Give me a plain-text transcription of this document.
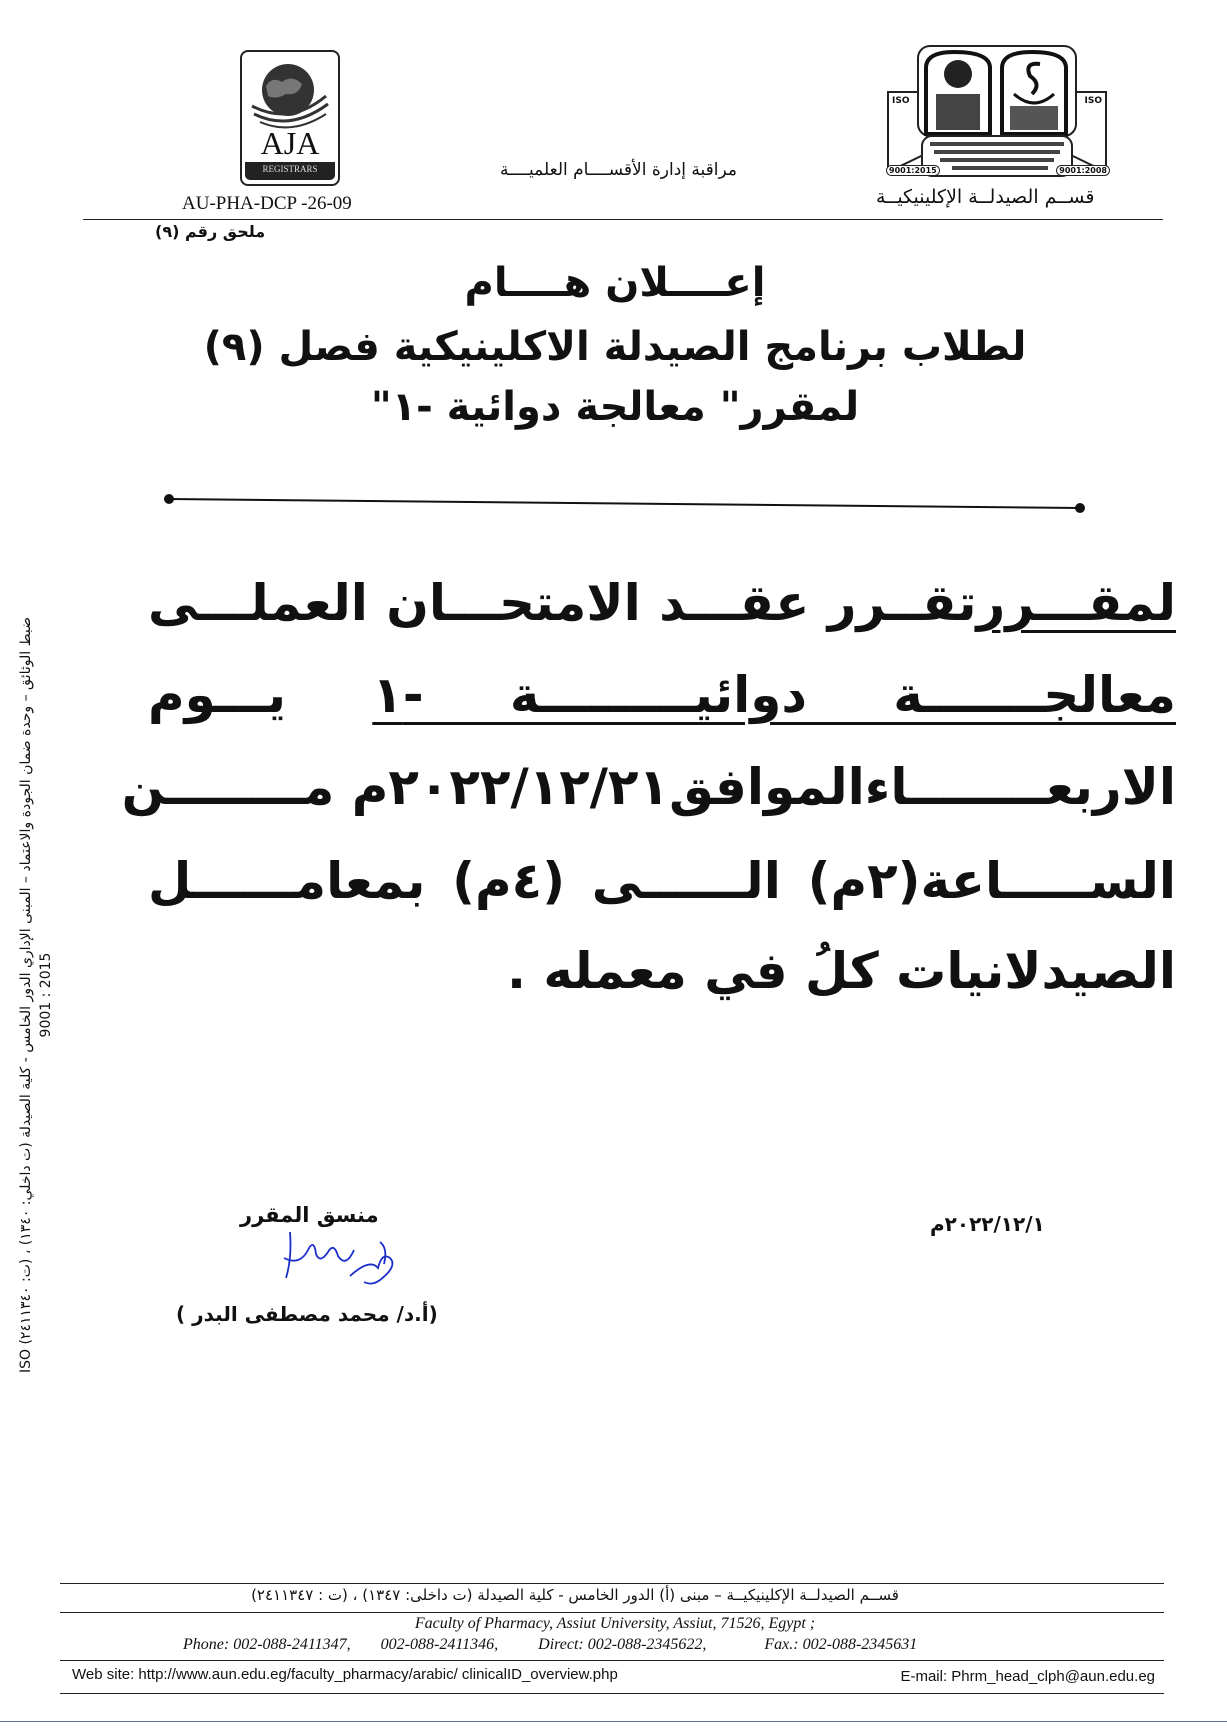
AJA
REGISTRARS
AU-PHA-DCP -26-09
مراقبة إدارة الأقســــام العلميــــة
ISO	ISO
9001:2015	9001:2008
قســم الصيدلــة الإكلينيكيــة
ملحق رقم (٩)
إعــــلان هــــام
لطلاب برنامج الصيدلة الاكلينيكية فصل (٩)
لمقرر" معالجة دوائية -١"
لمقـــررتقــرر عقـــد الامتحـــان العملـــى
معالجـــــــة دوائيـــــــــة -١ يـــوم
الاربعــــــــاءالموافق٢٠٢٢/١٢/٢١م مــــــــن
الســـــاعة(٢م) الــــــى (٤م) بمعامــــــل
الصيدلانيات كلُ في معمله .
ضبط الوثائق – وحدة ضمان الجودة والاعتماد – المبنى الإداري الدور الخامس - كلية الصيدلة (ت داخلي: ١٣٤٠) ، (ت: ٢٤١١٣٤٠) ISO 9001 : 2015
منسق المقرر
(أ.د/ محمد مصطفى البدر )
٢٠٢٢/١٢/١م
قســم الصيدلــة الإكلينيكيــة – مبنى (أ) الدور الخامس - كلية الصيدلة (ت داخلى: ١٣٤٧) ، (ت : ٢٤١١٣٤٧)
Faculty of Pharmacy, Assiut University, Assiut, 71526, Egypt ;
Phone: 002-088-2411347, 002-088-2411346,	Direct: 002-088-2345622,	Fax.: 002-088-2345631
Web site: http://www.aun.edu.eg/faculty_pharmacy/arabic/ clinicalID_overview.php	E-mail: Phrm_head_clph@aun.edu.eg
